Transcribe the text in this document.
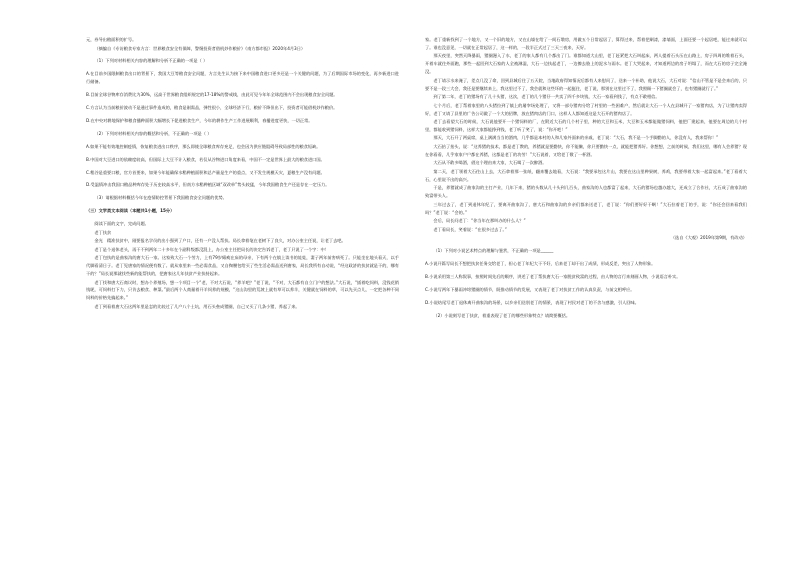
元，券导出粮面积的扩号。

（摘编自《专访粮食专家方言：世界粮食安全有保障，警惕投资者借机炒作粮价》《南方都市报》2020年4月3日）

（1）下列对材料相关内容的理解和分析不正确的一项是（ ）

A.在目前多国限制粮食出口的背景下，我国大豆等粮食安全问题，方言先生认为接下来中国粮食进口更多还是一个关键的问题，为了后期国际市场的变化，再多新进口进行储备。

B.目前全球谷物库存消费比为30%，远高于世界粮食组织规定的17-18%的警戒线，由此可见今年年全球范围内不会出现粮食安全问题。

C.方言认为当前粮价波动不是通过事件造成的，粮食是刚需品，弹性很小，全球经济下行，粮价不降但出下，投资者可能借机炒作粮价。

D.在中央对耕地保护和粮食播种面积大幅增长下促进粮食生产，今年的耕作生产工作进展顺利，春播进度更快，一切正常。

（2）下列对材料相关内容的概括和分析，不正确的一项是（ ）

A.如果不能有效地控制疫情，恢复粮食进出口秩序，那么即使全球粮食库存充足，也会因为供应链阻碍导致局部性的粮食短缺。

B.中国对大豆进口的依赖度较高，但国际上大豆不计入粮食，若仅从谷物进口角度来看，中国不一定是世界上最大的粮食进口国。

C.稻谷是重要口粮，官方首要来，如果今年能确保水稻种植面积和总产量是生产的重点，又不发生规模天灾，夏粮生产没有问题。

D.受温情冲击我国口粮品种库存处于历史较高水平，但南方水稻种植区域“双改单”势头较猛，今年我国粮食生产还是存在一定压力。

（3）请根据材料概括今年在疫情防控背景下我国粮食安全问题的优势。

（三）文学类文本阅读（本题共1小题，15分）

阅读下面的文字，完成问题。

老丁扶贫

金光　精准扶贫中，刚要报名学员的出小强到了户口，还有一户没人帮扶。局长拿着笔在老树下了良久，对办公室主任说，让老丁去吧。

老丁是个退休老头，再干不到两年二十多年在个副科级都没混上，办公室主任把局长的决定告诉老丁，老丁只说了一个字：中！

老丁包扶的是曲家沟的唐大石一家。这家致大石一个劳力，上有79岁瘫痪在床的母亲，下有两个在镇上读书的娃娃，妻子两年前害病死了。只能坐在地头看天，以手代脚看清日子。老丁见唐家的情况便有数了。就从家里来一些必需食品，又自掏腰包给买了些生活必需品送到唐家，局长我所有自动说，“经这政济的扶贫就是干的，哪有干的？”局长说那就找些新的能帮扶的，把唐家这几年扶贫产业扶持起来。

老丁找和唐大石商议时，想办个养殖场，想一个项目一个“老，不对大石说，“养羊吧？”老丁说，“不对，大石都有自立门户的想法。”大石说，“插着吃饲料，没钱花销钱呢，可饲料打下力，只肯去粮食、种菜。”最后两个人商量着开羊饲养的规模，“这山沟里的荒坡上就有草可以养羊，关键就在饲料的草，可以先买点儿，一定把各种不同饲料的价格先搞起来。”

老丁到看着唐大石这两年里是怎的比较过了几户八个土坑，用石头垒成猪圈，自己又买了几条小猪，养起了来。

家。老丁重新找到了一个地方，又一个旧的地方，又在山墙在给了一间石墩房，用做五个日常起居了，算得过来，帮着把刷漆，漆墙面，上面还要一个起居吧，能过来就可以了。谁也没意见，一切就在正常起居了，这一样的，一段半正式过了三天三夜来，天好。

那天夜里，突然天降暴雨，猪圈漫入了水，老丁的家人都有几个都出了门。谁都知道大山里，老丁赶紧把大石叫起床，两人提着石头压在山路上，房子四周的堆着石头，开着车就往外面跑，那些一起回到大石家的人全被淋湿，大石一边扶起老丁，一边擦去脸上的泥水与雨水。老丁大哭起来，才知道两边的房子坍塌了，而在大石的房子完全淹没。

老丁请示水来淹了，差点几没了命，回到县城后住了五天院，当地政府得知情况后都有人来慰问了，送来一个补助，他说大石，大石对说：“信山不管是不是会来后的，只要不是一段三大会，我还是要继续来上，我这里过不了，我会就和这些坏的一起挺住，老丁说，那别在这里过不了，我照顾一下猪圈就会了，也有猪圈就行了。”

到了第二年，老丁的猪场有了几十头猪，这次，老丁的几个猪仔一共卖了四千多块钱，大石一家看到钱了，有点不敢相信。

七个月后，老丁帮着家里的八头猪拉到了镇上的屠宰场处理了，又将一部分猪肉分给了村里的一些困难户，然后就让大石一个人在县城开了一家猪肉店，为了让猪肉卖得好，老丁又请了县里的广告公司做了一个大的招牌，放在猪肉店的门口，这样人人都知道这是大石开的猪肉店了。

老丁去看望大石的时候，大石说他要开一个猪饲料的厂，在附近大石的几个村子里，种的大豆和玉米，大豆和玉米都能做猪饲料，他把厂建起来，他要在周边的几个村里，都能收到猪饲料，这样大家都能挣到钱，老丁听了笑了，说：“你开吧！”

那天，大石开了两桌席，桌上满满当当的酒肉，几乎都是本村的人和几家外面来的亲戚，老丁说：“大石，我不是一个手脚勤的人，你没有人，我来帮你！”

大石抬了抬头，说：“这养猪的技术，都是老丁教的，养猪就是要勤快，你不能懒，你只要勤快一点，就能把猪养好。你想想，之前的时候，我们这里，哪有人会养猪？现在你看看，几乎家家户户都在养猪，这都是老丁的功劳！”大石说着，又给老丁敬了一杯酒。

大石从不敢多喝酒，借这个理由来大家，大石喝了一次醉酒。

第二天，老丁领着大石往山上去，大石拿着那一张纸，翻来覆去地看，大石说：“我要承包这片山，我要在这山里种果树，养鸡，我要带着大家一起富起来。”老丁看着大石，心里说不出的高兴。

于是，养猪就成了曲家沟的主打产业，几年下来，猪的头数从几十头到几百头，曲家沟的人也都富了起来，大石的猪场也越办越大，还成立了合作社，大石成了曲家沟的致富带头人。

三年过去了，老丁到退休年纪了，要离开曲家沟了，唐大石和曲家沟的乡亲们都来送老丁，老丁说：“你们要好好干啊！”大石拉着老丁的手，说：“你还会回来看我们吗？”老丁说：“会的。”

会后，局长问老丁：“你当年在那叫办的什么人？”

老丁看局长，笑着说：“在很多过去了。”

（选自《大观》2019年第9期，有改动）

（1）下列对小说艺术特点的理解与鉴赏，不正确的一项是______

A.小说开篇写局长不想把扶贫任务交给老丁，担心老丁年纪大干不好，后来老丁却干出了成绩，形成反差，突出了人物形象。

B.小说采用第三人称叙事，按照时间先后的顺序，讲述了老丁帮扶唐大石一家脱贫致富的过程，由人物的言行来刻画人物，小说语言朴实。

C.小说写两年下暴雨冲垮猪圈的情节，既推动情节的发展，又表现了老丁对扶贫工作的认真负责，与前文相呼应。

D.小说结尾写老丁退休离开曲家沟的场景，以乡亲们送别老丁的情景，表现了村民对老丁的不舍与感激，引人回味。

（2）小说刻写老丁扶贫，着重表现了老丁的哪些形象特点？请简要概括。
